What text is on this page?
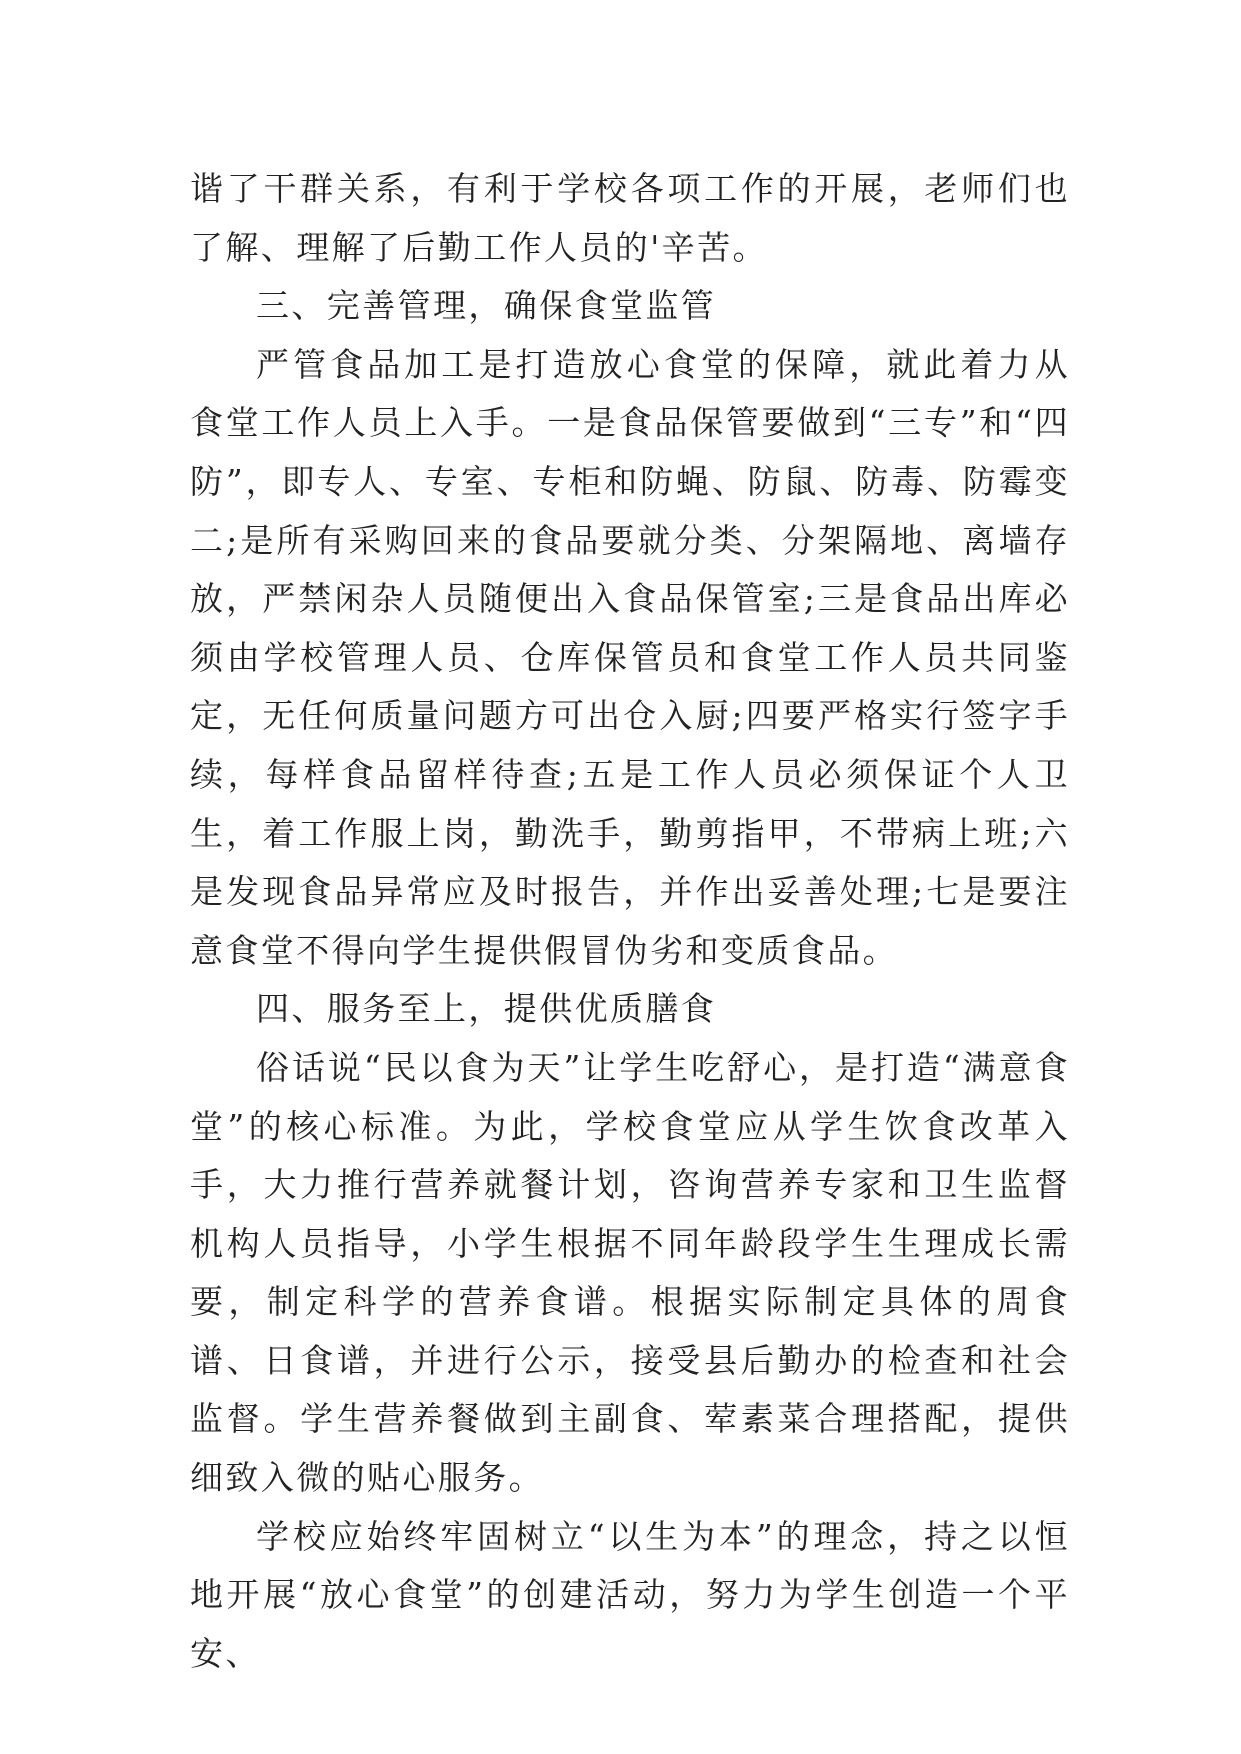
谐了干群关系，有利于学校各项工作的开展，老师们也了解、理解了后勤工作人员的'辛苦。

三、完善管理，确保食堂监管

严管食品加工是打造放心食堂的保障，就此着力从食堂工作人员上入手。一是食品保管要做到“三专”和“四防”，即专人、专室、专柜和防蝇、防鼠、防毒、防霉变二;是所有采购回来的食品要就分类、分架隔地、离墙存放，严禁闲杂人员随便出入食品保管室;三是食品出库必须由学校管理人员、仓库保管员和食堂工作人员共同鉴定，无任何质量问题方可出仓入厨;四要严格实行签字手续，每样食品留样待查;五是工作人员必须保证个人卫生，着工作服上岗，勤洗手，勤剪指甲，不带病上班;六是发现食品异常应及时报告，并作出妥善处理;七是要注意食堂不得向学生提供假冒伪劣和变质食品。

四、服务至上，提供优质膳食

俗话说“民以食为天”让学生吃舒心，是打造“满意食堂”的核心标准。为此，学校食堂应从学生饮食改革入手，大力推行营养就餐计划，咨询营养专家和卫生监督机构人员指导，小学生根据不同年龄段学生生理成长需要，制定科学的营养食谱。根据实际制定具体的周食谱、日食谱，并进行公示，接受县后勤办的检查和社会监督。学生营养餐做到主副食、荤素菜合理搭配，提供细致入微的贴心服务。

学校应始终牢固树立“以生为本”的理念，持之以恒地开展“放心食堂”的创建活动，努力为学生创造一个平安、
